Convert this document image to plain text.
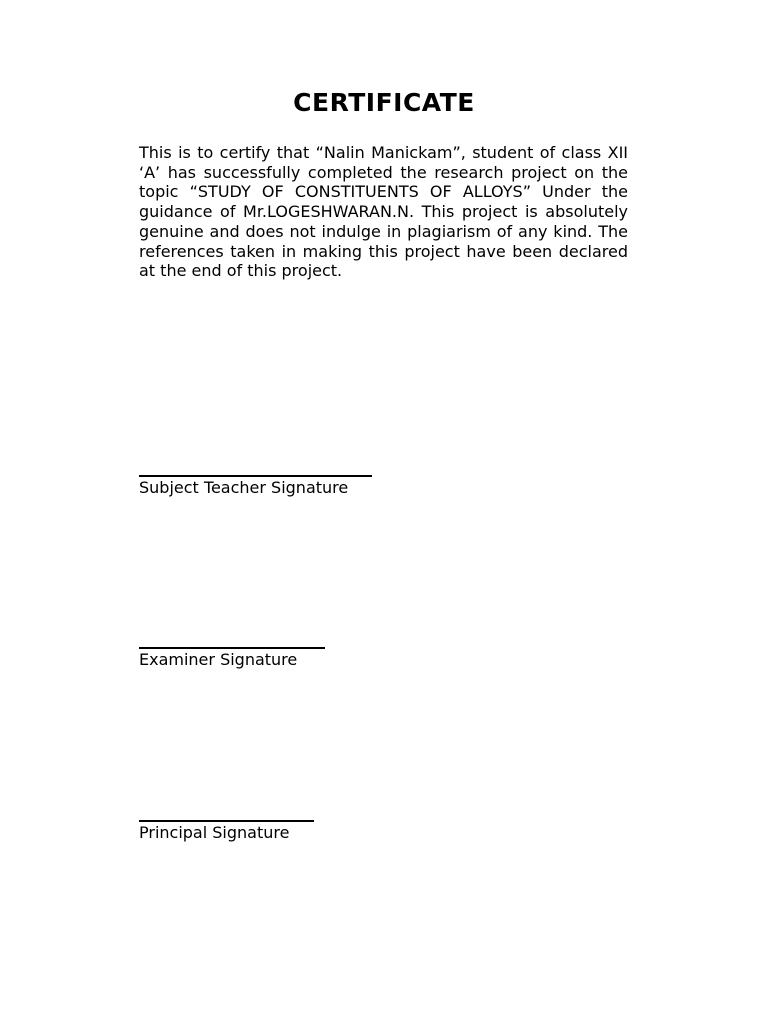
CERTIFICATE
This is to certify that “Nalin Manickam”, student of class XII ‘A’ has successfully completed the research project on the topic “STUDY OF CONSTITUENTS OF ALLOYS” Under the guidance of Mr.LOGESHWARAN.N. This project is absolutely genuine and does not indulge in plagiarism of any kind. The references taken in making this project have been declared at the end of this project.
Subject Teacher Signature
Examiner Signature
Principal Signature
